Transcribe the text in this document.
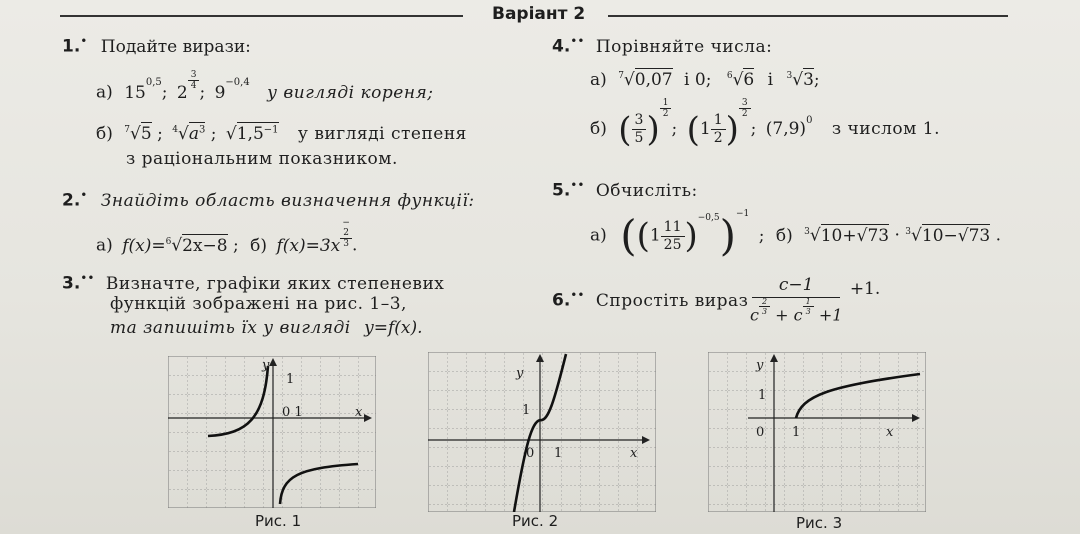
Варіант 2
1.• Подайте вирази:
а) 15$^{0,5}$; 2
$^{\frac{3}{4}}$
; $9^{-0,4}$ у вигляді кореня;
б) $^7$√5 ; $^4√a^3$ ; $√1,5^{-1}$ у вигляді степеня
з раціональним показником.
2.• Знайдіть область визначення функції:
а) f(x)=$^6$√2x−8 ; б) $f(x)=3x^{- 2 3}$ .
3.•• Визначте, графіки яких степеневих
функцій зображені на рис. 1–3,
та запишіть їх у вигляді y=f(x).
4.•• Порівняйте числа:
а) $^7$√0,07 і 0; $^6$√6 і $^3$√3;
б) ( $\frac{3}{5}$ )
$^{\frac{1}{2}}$
; ($1 \frac{1}{2}$ )
$^{\frac{3}{2}}$
; $(7,9)^0$ з числом 1.
5.•• Обчисліть:
а) $((1 \frac{11}{25} )^{-0,5})^{-1}$ ; б) $^3$√10+√73 · $^3$√10−√73 .
6.•• Спростіть вираз c−1
c $^{\frac{2}{3}}$ + c $^{\frac{1}{3}}$ +1 +1.
y
1
0 1	x
Рис. 1
y
1
0 1	x
Рис. 2
y
1
0 1	x
Рис. 3
